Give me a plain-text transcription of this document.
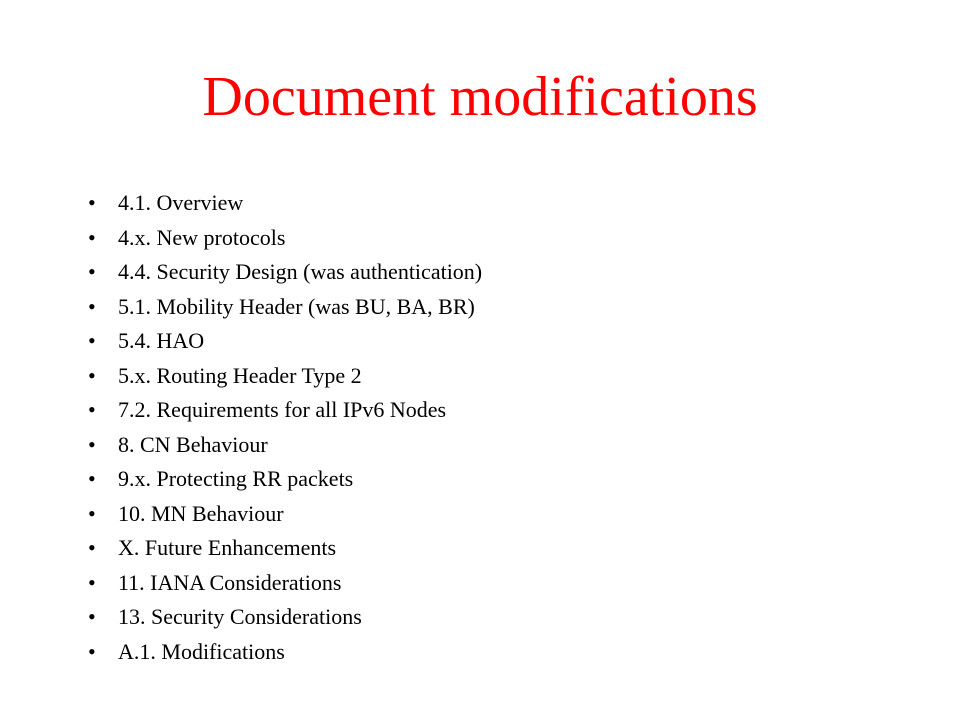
Document modifications
• 4.1. Overview
• 4.x. New protocols
• 4.4. Security Design (was authentication)
• 5.1. Mobility Header (was BU, BA, BR)
• 5.4. HAO
• 5.x. Routing Header Type 2
• 7.2. Requirements for all IPv6 Nodes
• 8. CN Behaviour
• 9.x. Protecting RR packets
• 10. MN Behaviour
• X. Future Enhancements
• 11. IANA Considerations
• 13. Security Considerations
• A.1. Modifications
